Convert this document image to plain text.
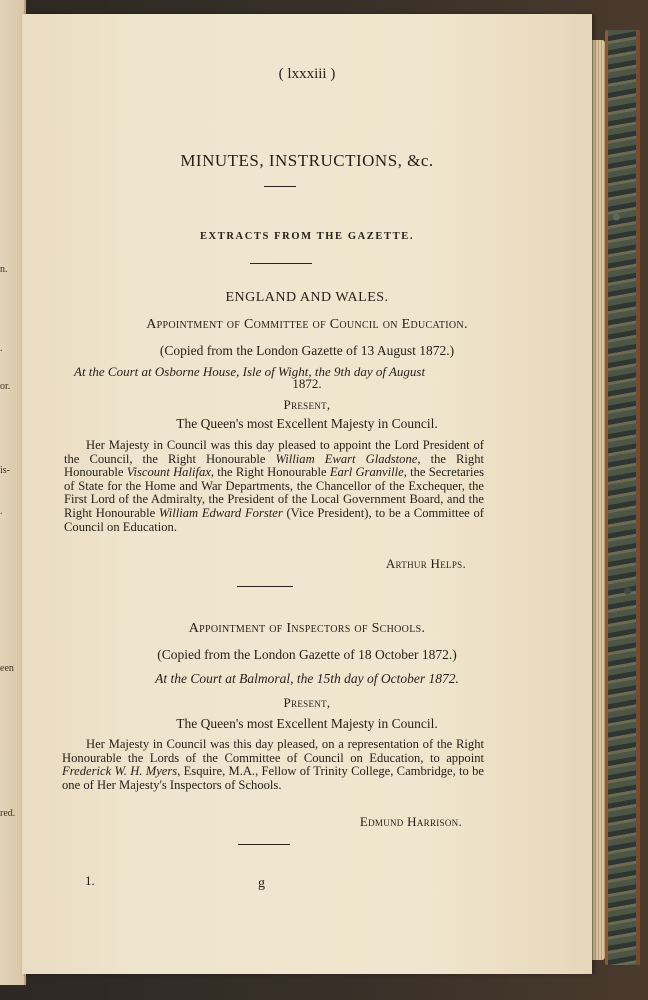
n.
.
or.
is-
.
een
red.
( lxxxiii )
MINUTES, INSTRUCTIONS, &c.
EXTRACTS FROM THE GAZETTE.
ENGLAND AND WALES.
Appointment of Committee of Council on Education.
(Copied from the London Gazette of 13 August 1872.)
At the Court at Osborne House, Isle of Wight, the 9th day of August
1872.
Present,
The Queen's most Excellent Majesty in Council.
Her Majesty in Council was this day pleased to appoint the Lord President of the Council, the Right Honourable William Ewart Gladstone, the Right Honourable Viscount Halifax, the Right Honourable Earl Granville, the Secretaries of State for the Home and War Departments, the Chancellor of the Exchequer, the First Lord of the Admiralty, the President of the Local Government Board, and the Right Honourable William Edward Forster (Vice President), to be a Committee of Council on Education.
Arthur Helps.
Appointment of Inspectors of Schools.
(Copied from the London Gazette of 18 October 1872.)
At the Court at Balmoral, the 15th day of October 1872.
Present,
The Queen's most Excellent Majesty in Council.
Her Majesty in Council was this day pleased, on a representation of the Right Honourable the Lords of the Committee of Council on Education, to appoint Frederick W. H. Myers, Esquire, M.A., Fellow of Trinity College, Cambridge, to be one of Her Majesty's Inspectors of Schools.
Edmund Harrison.
1.	g
